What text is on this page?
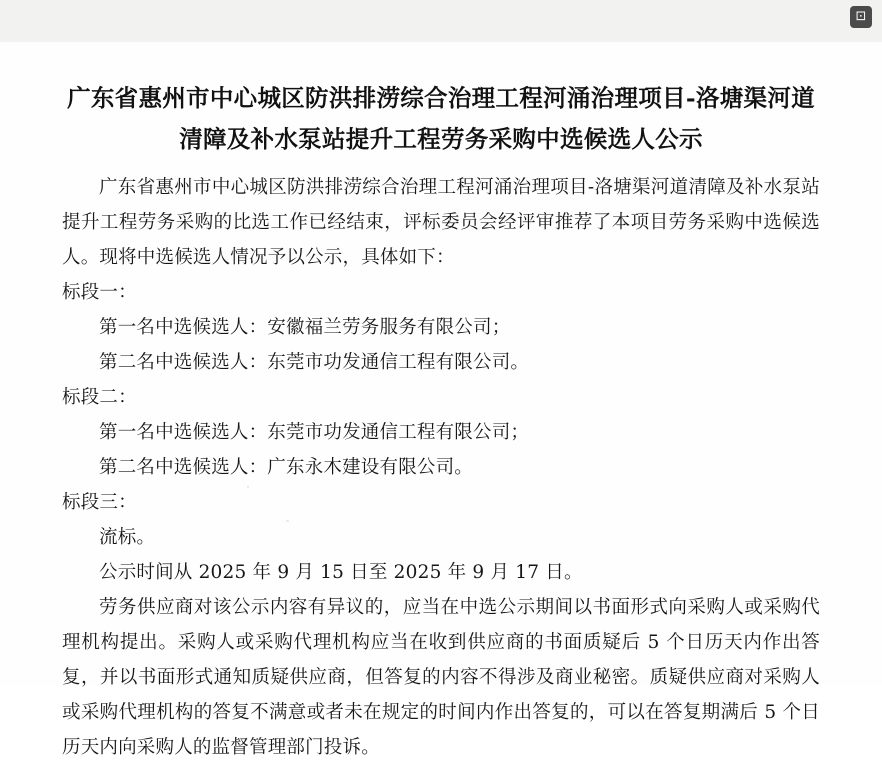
⊡
广东省惠州市中心城区防洪排涝综合治理工程河涌治理项目-洛塘渠河道清障及补水泵站提升工程劳务采购中选候选人公示

广东省惠州市中心城区防洪排涝综合治理工程河涌治理项目-洛塘渠河道清障及补水泵站提升工程劳务采购的比选工作已经结束，评标委员会经评审推荐了本项目劳务采购中选候选人。现将中选候选人情况予以公示，具体如下：

标段一：

第一名中选候选人：安徽福兰劳务服务有限公司；

第二名中选候选人：东莞市功发通信工程有限公司。

标段二：

第一名中选候选人：东莞市功发通信工程有限公司；

第二名中选候选人：广东永木建设有限公司。

标段三：

流标。

公示时间从 2025 年 9 月 15 日至 2025 年 9 月 17 日。

劳务供应商对该公示内容有异议的，应当在中选公示期间以书面形式向采购人或采购代理机构提出。采购人或采购代理机构应当在收到供应商的书面质疑后 5 个日历天内作出答复，并以书面形式通知质疑供应商，但答复的内容不得涉及商业秘密。质疑供应商对采购人或采购代理机构的答复不满意或者未在规定的时间内作出答复的，可以在答复期满后 5 个日历天内向采购人的监督管理部门投诉。
